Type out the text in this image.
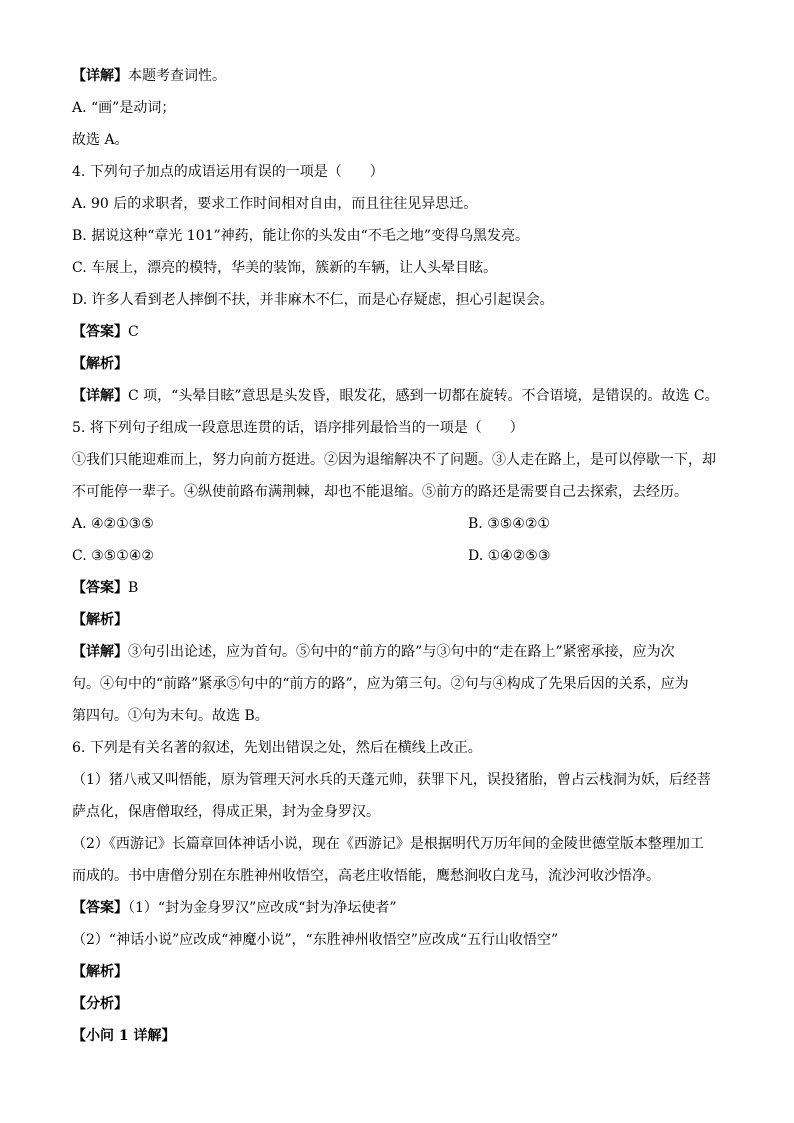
【详解】本题考查词性。
A. “画”是动词；
故选 A。
4. 下列句子加点的成语运用有误的一项是（　　）
A. 90 后的求职者，要求工作时间相对自由，而且往往见异思迁。
B. 据说这种“章光 101”神药，能让你的头发由“不毛之地”变得乌黑发亮。
C. 车展上，漂亮的模特，华美的装饰，簇新的车辆，让人头晕目眩。
D. 许多人看到老人摔倒不扶，并非麻木不仁，而是心存疑虑，担心引起误会。
【答案】C
【解析】
【详解】C 项，“头晕目眩”意思是头发昏，眼发花，感到一切都在旋转。不合语境，是错误的。故选 C。
5. 将下列句子组成一段意思连贯的话，语序排列最恰当的一项是（　　）
①我们只能迎难而上，努力向前方挺进。②因为退缩解决不了问题。③人走在路上，是可以停歇一下，却
不可能停一辈子。④纵使前路布满荆棘，却也不能退缩。⑤前方的路还是需要自己去探索，去经历。
A. ④②①③⑤	B. ③⑤④②①
C. ③⑤①④②	D. ①④②⑤③
【答案】B
【解析】
【详解】③句引出论述，应为首句。⑤句中的“前方的路”与③句中的“走在路上”紧密承接，应为次
句。④句中的“前路”紧承⑤句中的“前方的路”，应为第三句。②句与④构成了先果后因的关系，应为
第四句。①句为末句。故选 B。
6. 下列是有关名著的叙述，先划出错误之处，然后在横线上改正。
（1）猪八戒又叫悟能，原为管理天河水兵的天蓬元帅，获罪下凡，误投猪胎，曾占云栈洞为妖，后经菩
萨点化，保唐僧取经，得成正果，封为金身罗汉。
（2）《西游记》长篇章回体神话小说，现在《西游记》是根据明代万历年间的金陵世德堂版本整理加工
而成的。书中唐僧分别在东胜神州收悟空，高老庄收悟能，鹰愁涧收白龙马，流沙河收沙悟净。
【答案】（1）“封为金身罗汉”应改成“封为净坛使者”
（2）“神话小说”应改成“神魔小说”，“东胜神州收悟空”应改成“五行山收悟空”
【解析】
【分析】
【小问 1 详解】
